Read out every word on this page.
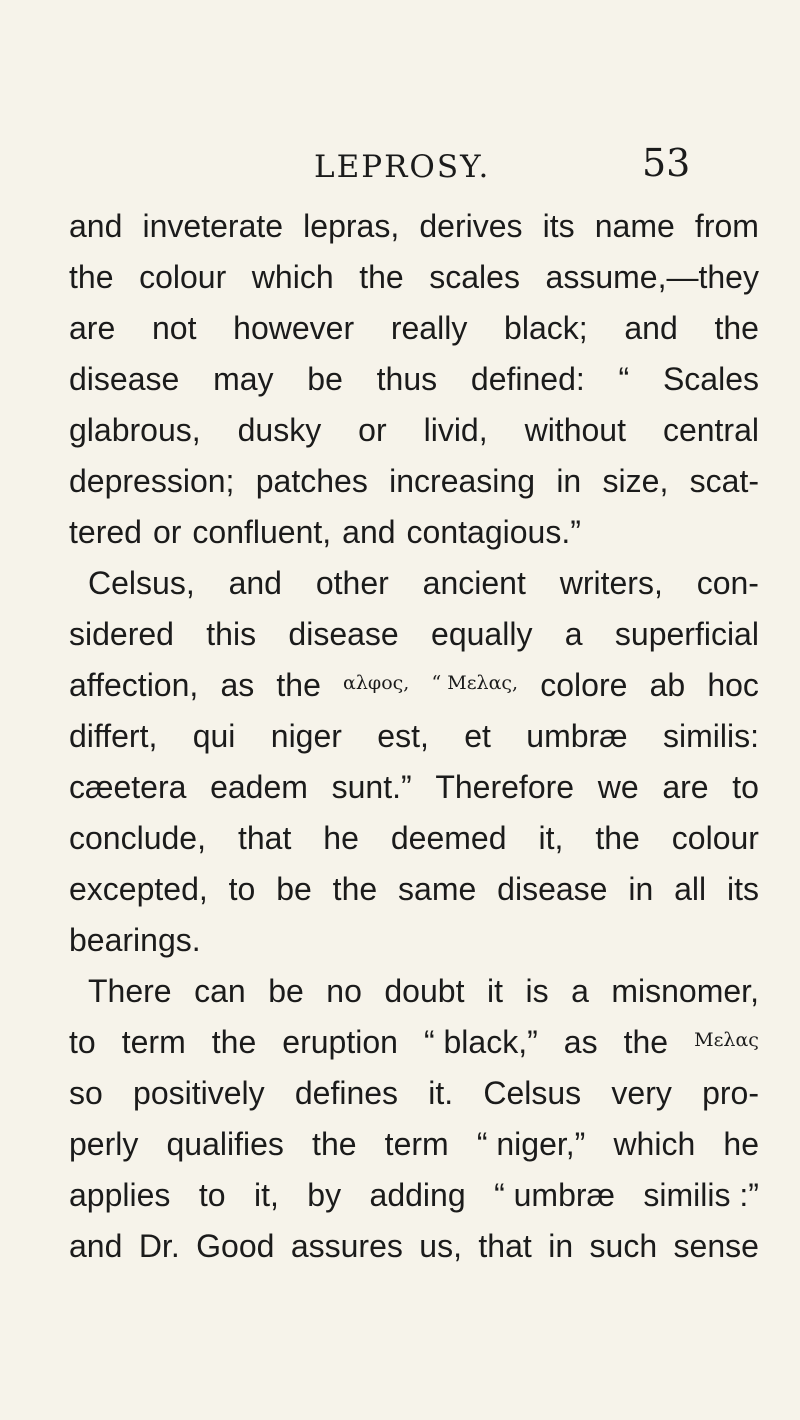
LEPROSY.	53
and inveterate lepras, derives its name from
the colour which the scales assume,—they
are not however really black; and the
disease may be thus defined: “ Scales
glabrous, dusky or livid, without central
depression; patches increasing in size, scat-
tered or confluent, and contagious.”
Celsus, and other ancient writers, con-
sidered this disease equally a superficial
affection, as the αλφος, “ Μελας, colore ab hoc
differt, qui niger est, et umbræ similis:
cæetera eadem sunt.” Therefore we are to
conclude, that he deemed it, the colour
excepted, to be the same disease in all its
bearings.
There can be no doubt it is a misnomer,
to term the eruption “ black,” as the Μελας
so positively defines it. Celsus very pro-
perly qualifies the term “ niger,” which he
applies to it, by adding “ umbræ similis :”
and Dr. Good assures us, that in such sense
